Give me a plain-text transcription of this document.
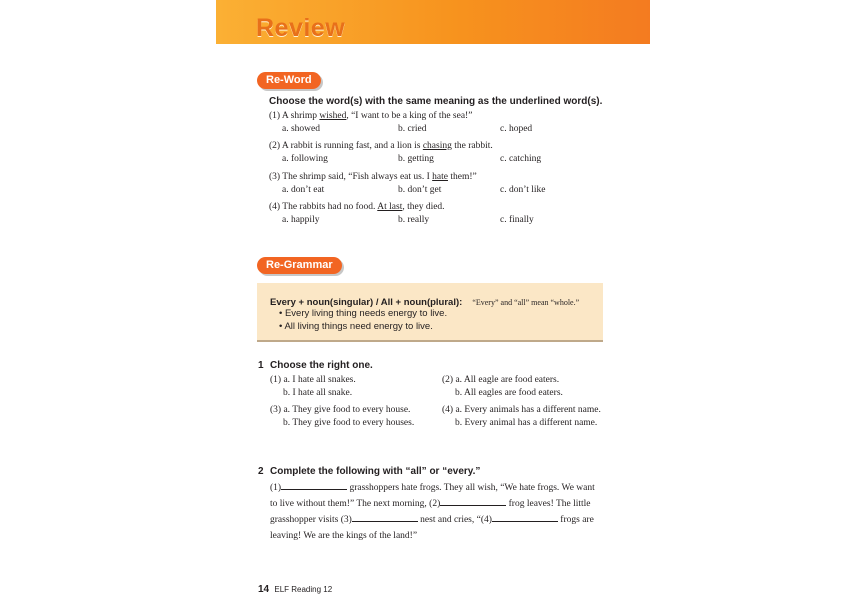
Review
Re-Word
Choose the word(s) with the same meaning as the underlined word(s).
(1) A shrimp wished, “I want to be a king of the sea!”
a. showed	b. cried	c. hoped
(2) A rabbit is running fast, and a lion is chasing the rabbit.
a. following	b. getting	c. catching
(3) The shrimp said, “Fish always eat us. I hate them!”
a. don’t eat	b. don’t get	c. don’t like
(4) The rabbits had no food. At last, they died.
a. happily	b. really	c. finally
Re-Grammar
Every + noun(singular) / All + noun(plural): “Every” and “all” mean “whole.”
• Every living thing needs energy to live.
• All living things need energy to live.
1 Choose the right one.
(1) a. I hate all snakes.
b. I hate all snake.
(2) a. All eagle are food eaters.
b. All eagles are food eaters.
(3) a. They give food to every house.
b. They give food to every houses.
(4) a. Every animals has a different name.
b. Every animal has a different name.
2 Complete the following with “all” or “every.”
(1)	grasshoppers hate frogs. They all wish, “We hate frogs. We want to live without them!” The next morning, (2)	frog leaves! The little grasshopper visits (3)	nest and cries, “(4)	frogs are leaving! We are the kings of the land!”
14 ELF Reading 12
